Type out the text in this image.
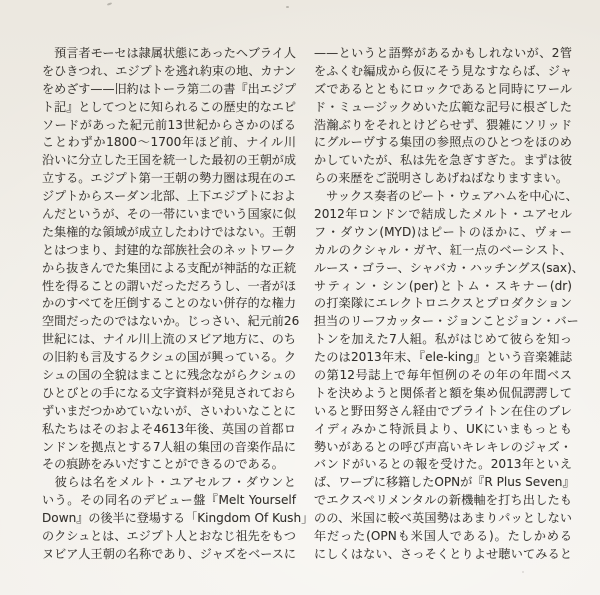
　預言者モーセは隷属状態にあったヘブライ人
をひきつれ、エジプトを逃れ約束の地、カナン
をめざす——旧約はトーラ第二の書『出エジプ
ト記』としてつとに知られるこの歴史的なエピ
ソードがあった紀元前13世紀からさかのぼる
ことわずか1800〜1700年ほど前、ナイル川
沿いに分立した王国を統一した最初の王朝が成
立する。エジプト第一王朝の勢力圏は現在のエ
ジプトからスーダン北部、上下エジプトにおよ
んだというが、その一帯にいまでいう国家に似
た集権的な領域が成立したわけではない。王朝
とはつまり、封建的な部族社会のネットワーク
から抜きんでた集団による支配が神話的な正統
性を得ることの謂いだっただろうし、一者がほ
かのすべてを圧倒することのない併存的な権力
空間だったのではないか。じっさい、紀元前26
世紀には、ナイル川上流のヌビア地方に、のち
の旧約も言及するクシュの国が興っている。ク
シュの国の全貌はまことに残念ながらクシュの
ひとびとの手になる文字資料が発見されておら
ずいまだつかめていないが、さいわいなことに
私たちはそのおよそ4613年後、英国の首都ロ
ンドンを拠点とする7人組の集団の音楽作品に
その痕跡をみいだすことができるのである。
　彼らは名をメルト・ユアセルフ・ダウンと
いう。その同名のデビュー盤『Melt Yourself
Down』の後半に登場する「Kingdom Of Kush」
のクシュとは、エジプト人とおなじ祖先をもつ
ヌビア人王朝の名称であり、ジャズをベースに
——というと語弊があるかもしれないが、2管
をふくむ編成から仮にそう見なすならば、ジャ
ズであるとともにロックであると同時にワール
ド・ミュージックめいた広範な記号に根ざした
浩瀚ぶりをそれとけどらせず、猥雑にソリッド
にグルーヴする集団の参照点のひとつをほのめ
かしていたが、私は先を急ぎすぎた。まずは彼
らの来歴をご説明さしあげねばなりますまい。
　サックス奏者のピート・ウェアハムを中心に、
2012年ロンドンで結成したメルト・ユアセル
フ・ダウン(MYD)はピートのほかに、ヴォー
カルのクシャル・ガヤ、紅一点のベーシスト、
ルース・ゴラー、シャバカ・ハッチングス(sax)、
サティン・シン(per)とトム・スキナー(dr)
の打楽隊にエレクトロニクスとプロダクション
担当のリーフカッター・ジョンことジョン・バー
トンを加えた7人組。私がはじめて彼らを知っ
たのは2013年末、『ele-king』という音楽雑誌
の第12号誌上で毎年恒例のその年の年間ベス
トを決めようと関係者と額を集め侃侃諤諤して
いると野田努さん経由でブライトン在住のブレ
イディみかこ特派員より、UKにいまもっとも
勢いがあるとの呼び声高いキレキレのジャズ・
バンドがいるとの報を受けた。2013年といえ
ば、ワープに移籍したOPNが『R Plus Seven』
でエクスペリメンタルの新機軸を打ち出したも
のの、米国に較べ英国勢はあまりパッとしない
年だった(OPNも米国人である)。たしかめる
にしくはない、さっそくとりよせ聴いてみると
